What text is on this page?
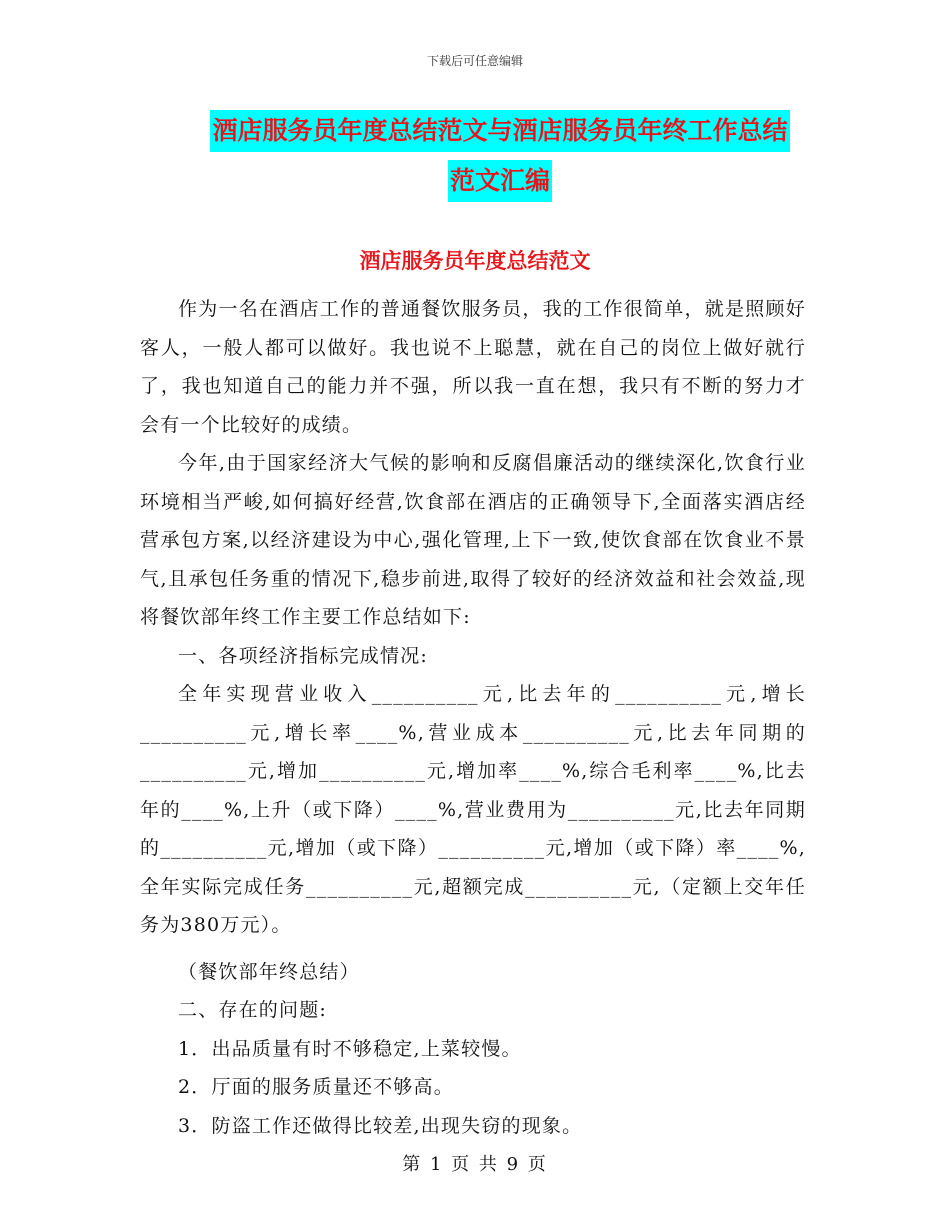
下载后可任意编辑
酒店服务员年度总结范文与酒店服务员年终工作总结
范文汇编
酒店服务员年度总结范文

作为一名在酒店工作的普通餐饮服务员，我的工作很简单，就是照顾好客人，一般人都可以做好。我也说不上聪慧，就在自己的岗位上做好就行了，我也知道自己的能力并不强，所以我一直在想，我只有不断的努力才会有一个比较好的成绩。

今年,由于国家经济大气候的影响和反腐倡廉活动的继续深化,饮食行业环境相当严峻,如何搞好经营,饮食部在酒店的正确领导下,全面落实酒店经营承包方案,以经济建设为中心,强化管理,上下一致,使饮食部在饮食业不景气,且承包任务重的情况下,稳步前进,取得了较好的经济效益和社会效益,现将餐饮部年终工作主要工作总结如下:

一、各项经济指标完成情况:

全年实现营业收入__________元,比去年的__________元,增长__________元,增长率____%,营业成本__________元,比去年同期的__________元,增加__________元,增加率____%,综合毛利率____%,比去年的____%,上升（或下降）____%,营业费用为__________元,比去年同期的__________元,增加（或下降）__________元,增加（或下降）率____%,全年实际完成任务__________元,超额完成__________元,（定额上交年任务为380万元）。

（餐饮部年终总结）

二、存在的问题:

1．出品质量有时不够稳定,上菜较慢。

2．厅面的服务质量还不够高。

3．防盗工作还做得比较差,出现失窃的现象。

第 1 页 共 9 页
